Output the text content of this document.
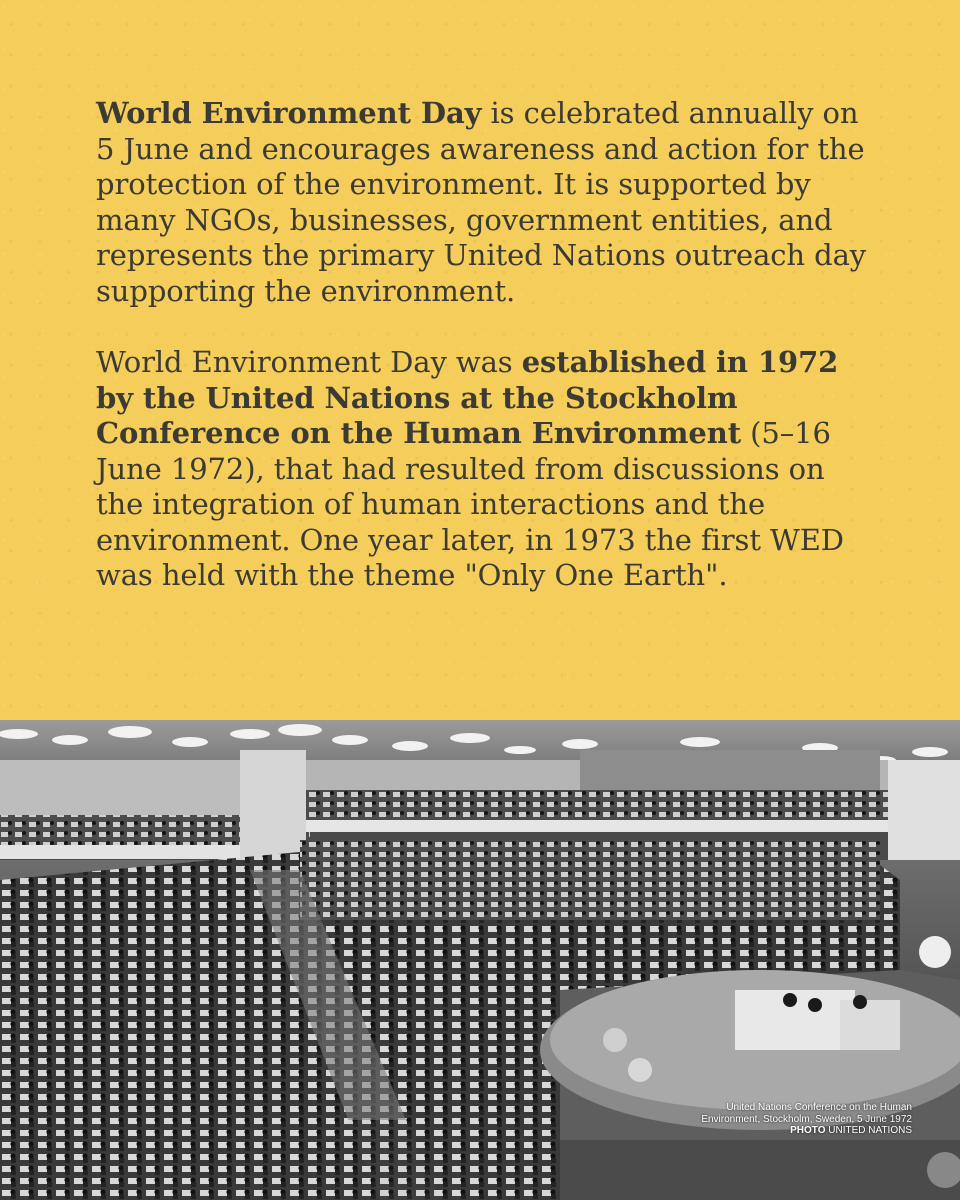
World Environment Day is celebrated annually on 5 June and encourages awareness and action for the protection of the environment. It is supported by many NGOs, businesses, government entities, and represents the primary United Nations outreach day supporting the environment.

World Environment Day was established in 1972 by the United Nations at the Stockholm Conference on the Human Environment (5–16 June 1972), that had resulted from discussions on the integration of human interactions and the environment. One year later, in 1973 the first WED was held with the theme "Only One Earth".

United Nations Conference on the Human
Environment, Stockholm, Sweden, 5 June 1972
PHOTO UNITED NATIONS
